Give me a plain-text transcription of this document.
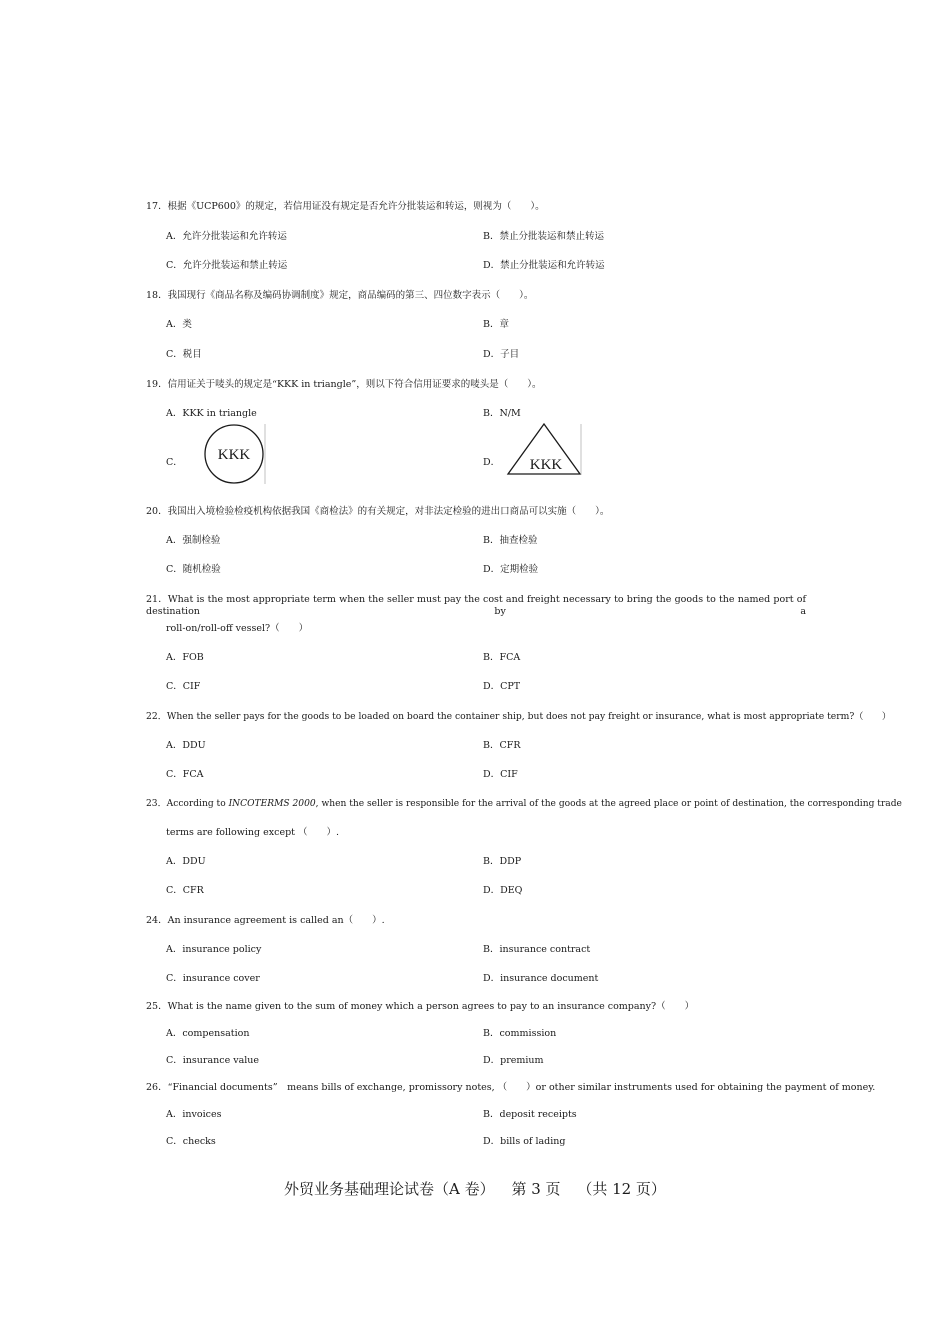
17．根据《UCP600》的规定，若信用证没有规定是否允许分批装运和转运，则视为（　　）。
A．允许分批装运和允许转运	B．禁止分批装运和禁止转运
C．允许分批装运和禁止转运	D．禁止分批装运和允许转运
18．我国现行《商品名称及编码协调制度》规定，商品编码的第三、四位数字表示（　　）。
A．类	B．章
C．税目	D．子目
19．信用证关于唛头的规定是“KKK in triangle”，则以下符合信用证要求的唛头是（　　）。
A．KKK in triangle	B．N/M
C．	D．
KKK
KKK
20．我国出入境检验检疫机构依据我国《商检法》的有关规定，对非法定检验的进出口商品可以实施（　　）。
A．强制检验	B．抽查检验
C．随机检验	D．定期检验
21．What is the most appropriate term when the seller must pay the cost and freight necessary to bring the goods to the named port of destination by a
roll-on/roll-off vessel?（　　）
A．FOB	B．FCA
C．CIF	D．CPT
22．When the seller pays for the goods to be loaded on board the container ship, but does not pay freight or insurance, what is most appropriate term?（　　）
A．DDU	B．CFR
C．FCA	D．CIF
23．According to INCOTERMS 2000, when the seller is responsible for the arrival of the goods at the agreed place or point of destination, the corresponding trade
terms are following except （　　）.
A．DDU	B．DDP
C．CFR	D．DEQ
24．An insurance agreement is called an（　　）.
A．insurance policy	B．insurance contract
C．insurance cover	D．insurance document
25．What is the name given to the sum of money which a person agrees to pay to an insurance company?（　　）
A．compensation	B．commission
C．insurance value	D．premium
26．“Financial documents”　means bills of exchange, promissory notes, （　　）or other similar instruments used for obtaining the payment of money.
A．invoices	B．deposit receipts
C．checks	D．bills of lading
外贸业务基础理论试卷（A 卷） 第 3 页 （共 12 页）
